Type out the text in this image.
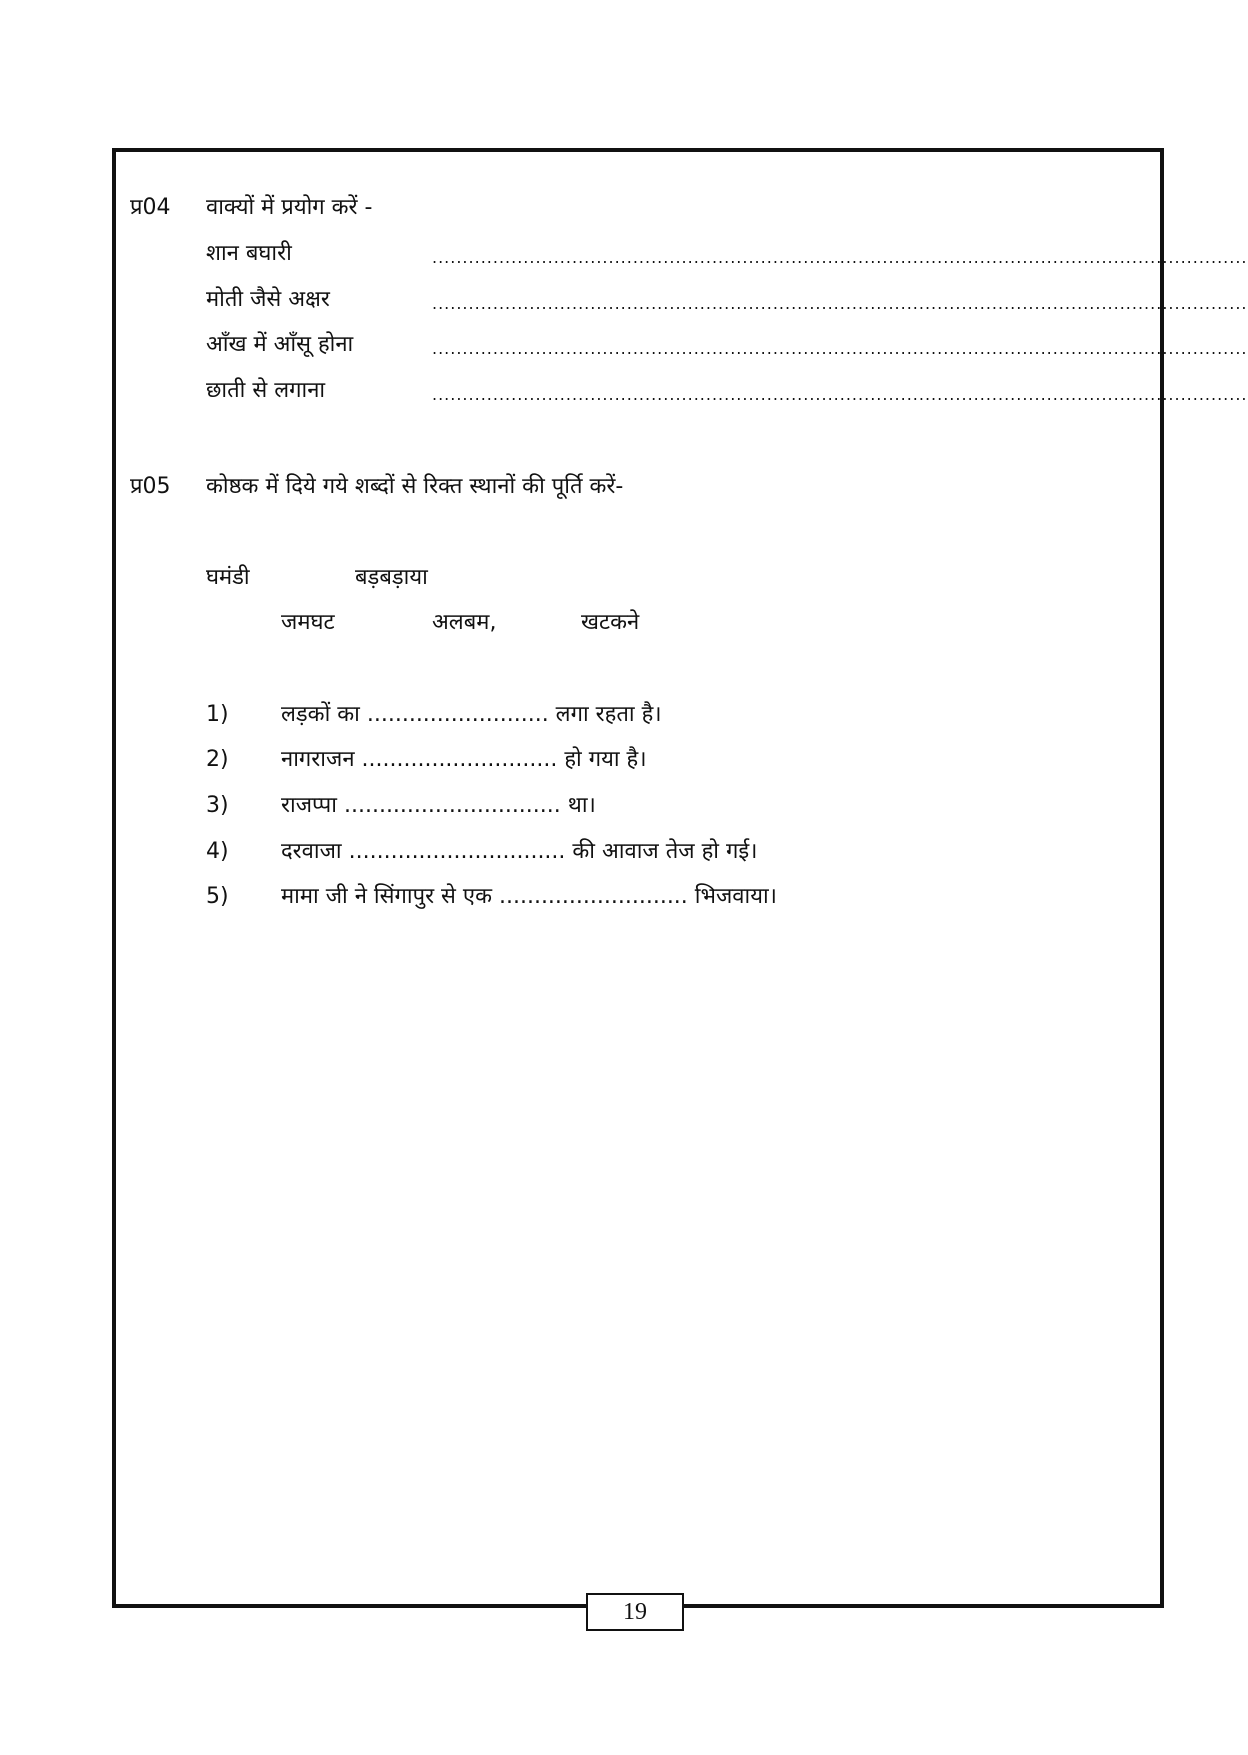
प्र04 वाक्यों में प्रयोग करें -
शान बघारी	......................................................................................................................................
मोती जैसे अक्षर	......................................................................................................................................
आँख में आँसू होना	......................................................................................................................................
छाती से लगाना	......................................................................................................................................
प्र05 कोष्ठक में दिये गये शब्दों से रिक्त स्थानों की पूर्ति करें-
घमंडी	बड़बड़ाया
जमघट	अलबम,	खटकने
1) लड़कों का .......................... लगा रहता है।
2) नागराजन ............................ हो गया है।
3) राजप्पा ............................... था।
4) दरवाजा ............................... की आवाज तेज हो गई।
5) मामा जी ने सिंगापुर से एक ........................... भिजवाया।
19
